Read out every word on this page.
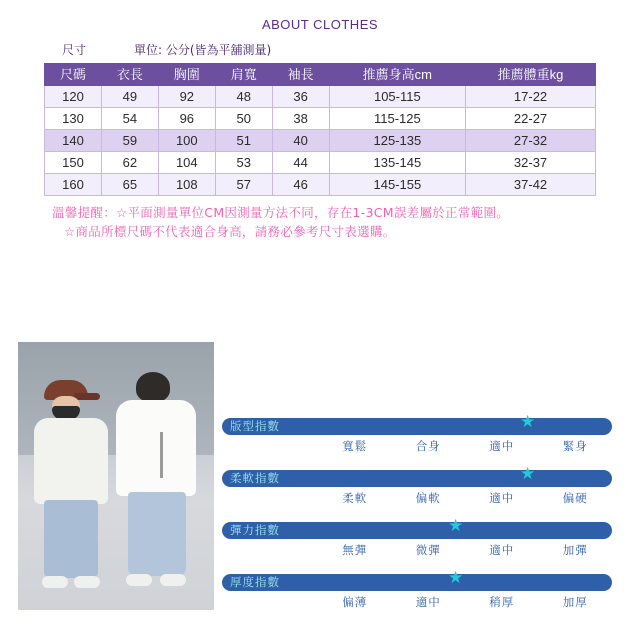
ABOUT CLOTHES
尺寸	單位: 公分(皆為平舖測量)
尺碼	衣長	胸圍	肩寬	袖長	推薦身高cm	推薦體重kg
120	49	92	48	36	105-115	17-22
130	54	96	50	38	115-125	22-27
140	59	100	51	40	125-135	27-32
150	62	104	53	44	135-145	32-37
160	65	108	57	46	145-155	37-42
溫馨提醒：☆平面測量單位CM因測量方法不同，存在1-3CM誤差屬於正常範圍。
☆商品所標尺碼不代表適合身高，請務必參考尺寸表選購。
版型指數	★
寬鬆	合身	適中	緊身
柔軟指數	★
柔軟	偏軟	適中	偏硬
彈力指數	★
無彈	微彈	適中	加彈
厚度指數	★
偏薄	適中	稍厚	加厚
